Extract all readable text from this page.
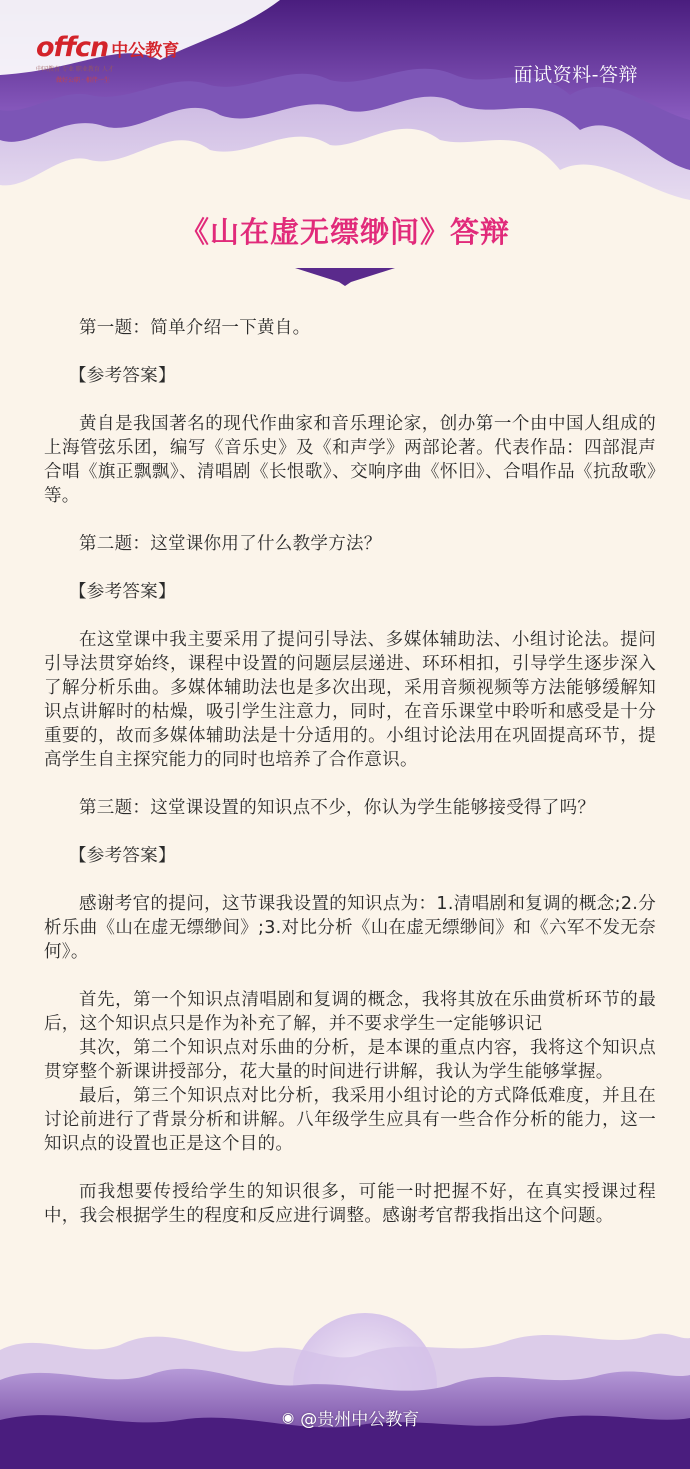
offcn 中公教育
中国教育 专业 职业教育 人才
做好公职 · 相伴一生	面试资料-答辩
《山在虚无缥缈间》答辩

第一题：简单介绍一下黄自。

【参考答案】

黄自是我国著名的现代作曲家和音乐理论家，创办第一个由中国人组成的上海管弦乐团，编写《音乐史》及《和声学》两部论著。代表作品：四部混声合唱《旗正飘飘》、清唱剧《长恨歌》、交响序曲《怀旧》、合唱作品《抗敌歌》等。

第二题：这堂课你用了什么教学方法？

【参考答案】

在这堂课中我主要采用了提问引导法、多媒体辅助法、小组讨论法。提问引导法贯穿始终，课程中设置的问题层层递进、环环相扣，引导学生逐步深入了解分析乐曲。多媒体辅助法也是多次出现，采用音频视频等方法能够缓解知识点讲解时的枯燥，吸引学生注意力，同时，在音乐课堂中聆听和感受是十分重要的，故而多媒体辅助法是十分适用的。小组讨论法用在巩固提高环节，提高学生自主探究能力的同时也培养了合作意识。

第三题：这堂课设置的知识点不少，你认为学生能够接受得了吗？

【参考答案】

感谢考官的提问，这节课我设置的知识点为：1.清唱剧和复调的概念;2.分析乐曲《山在虚无缥缈间》;3.对比分析《山在虚无缥缈间》和《六军不发无奈何》。

首先，第一个知识点清唱剧和复调的概念，我将其放在乐曲赏析环节的最后，这个知识点只是作为补充了解，并不要求学生一定能够识记

其次，第二个知识点对乐曲的分析，是本课的重点内容，我将这个知识点贯穿整个新课讲授部分，花大量的时间进行讲解，我认为学生能够掌握。

最后，第三个知识点对比分析，我采用小组讨论的方式降低难度，并且在讨论前进行了背景分析和讲解。八年级学生应具有一些合作分析的能力，这一知识点的设置也正是这个目的。

而我想要传授给学生的知识很多，可能一时把握不好，在真实授课过程中，我会根据学生的程度和反应进行调整。感谢考官帮我指出这个问题。

◉ @贵州中公教育
